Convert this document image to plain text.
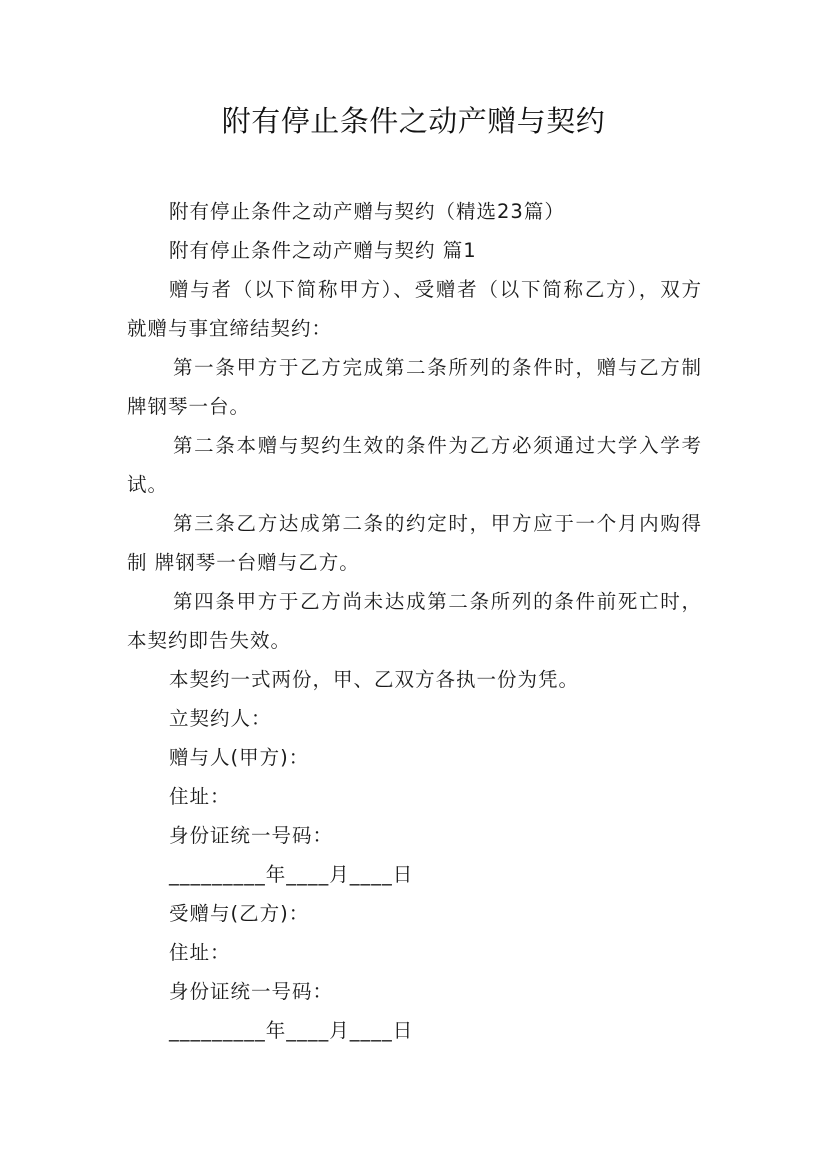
附有停止条件之动产赠与契约

附有停止条件之动产赠与契约（精选23篇）

附有停止条件之动产赠与契约 篇1

赠与者（以下简称甲方）、受赠者（以下简称乙方），双方就赠与事宜缔结契约：

第一条甲方于乙方完成第二条所列的条件时，赠与乙方制 牌钢琴一台。

第二条本赠与契约生效的条件为乙方必须通过大学入学考试。

第三条乙方达成第二条的约定时，甲方应于一个月内购得 制 牌钢琴一台赠与乙方。

第四条甲方于乙方尚未达成第二条所列的条件前死亡时，本契约即告失效。

本契约一式两份，甲、乙双方各执一份为凭。

立契约人：

赠与人(甲方)：

住址：

身份证统一号码：

_________年____月____日

受赠与(乙方)：

住址：

身份证统一号码：

_________年____月____日
